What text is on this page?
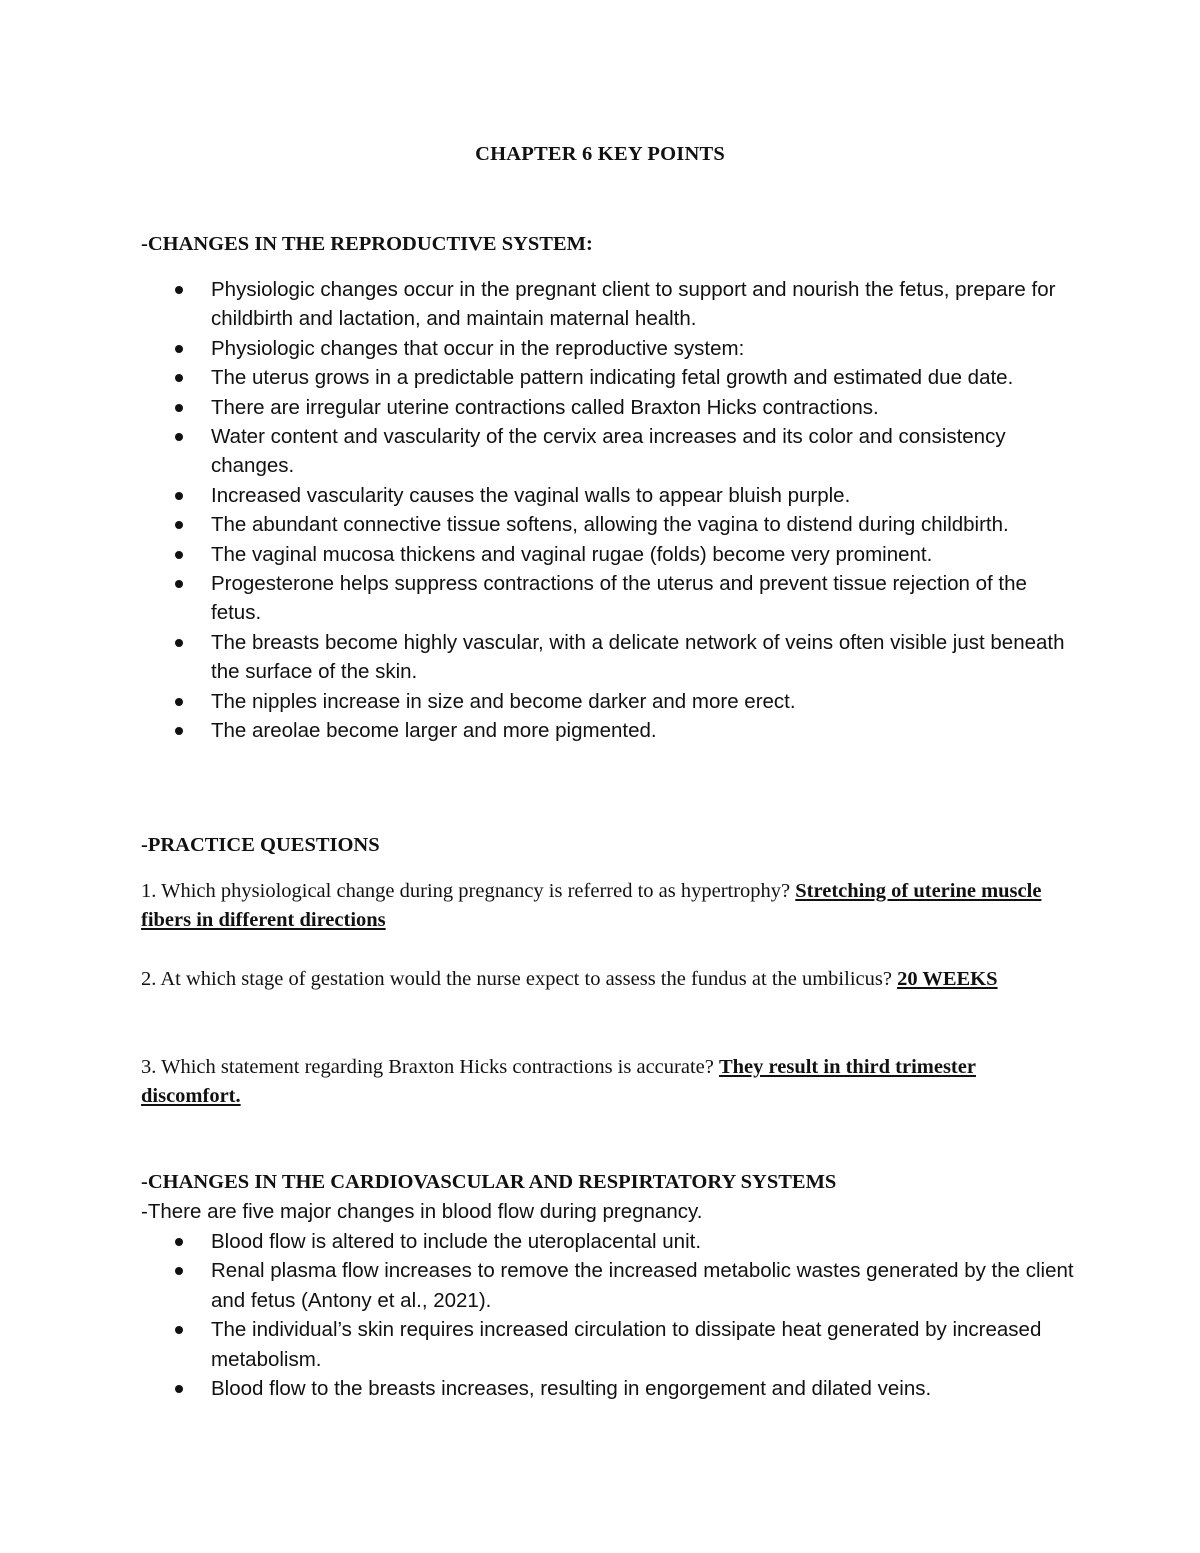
CHAPTER 6 KEY POINTS
-CHANGES IN THE REPRODUCTIVE SYSTEM:
Physiologic changes occur in the pregnant client to support and nourish the fetus, prepare for childbirth and lactation, and maintain maternal health.
Physiologic changes that occur in the reproductive system:
The uterus grows in a predictable pattern indicating fetal growth and estimated due date.
There are irregular uterine contractions called Braxton Hicks contractions.
Water content and vascularity of the cervix area increases and its color and consistency changes.
Increased vascularity causes the vaginal walls to appear bluish purple.
The abundant connective tissue softens, allowing the vagina to distend during childbirth.
The vaginal mucosa thickens and vaginal rugae (folds) become very prominent.
Progesterone helps suppress contractions of the uterus and prevent tissue rejection of the fetus.
The breasts become highly vascular, with a delicate network of veins often visible just beneath the surface of the skin.
The nipples increase in size and become darker and more erect.
The areolae become larger and more pigmented.
-PRACTICE QUESTIONS

1. Which physiological change during pregnancy is referred to as hypertrophy? Stretching of uterine muscle fibers in different directions

2. At which stage of gestation would the nurse expect to assess the fundus at the umbilicus? 20 WEEKS

3. Which statement regarding Braxton Hicks contractions is accurate? They result in third trimester discomfort.

-CHANGES IN THE CARDIOVASCULAR AND RESPIRTATORY SYSTEMS
-There are five major changes in blood flow during pregnancy.
Blood flow is altered to include the uteroplacental unit.
Renal plasma flow increases to remove the increased metabolic wastes generated by the client and fetus (Antony et al., 2021).
The individual’s skin requires increased circulation to dissipate heat generated by increased metabolism.
Blood flow to the breasts increases, resulting in engorgement and dilated veins.
